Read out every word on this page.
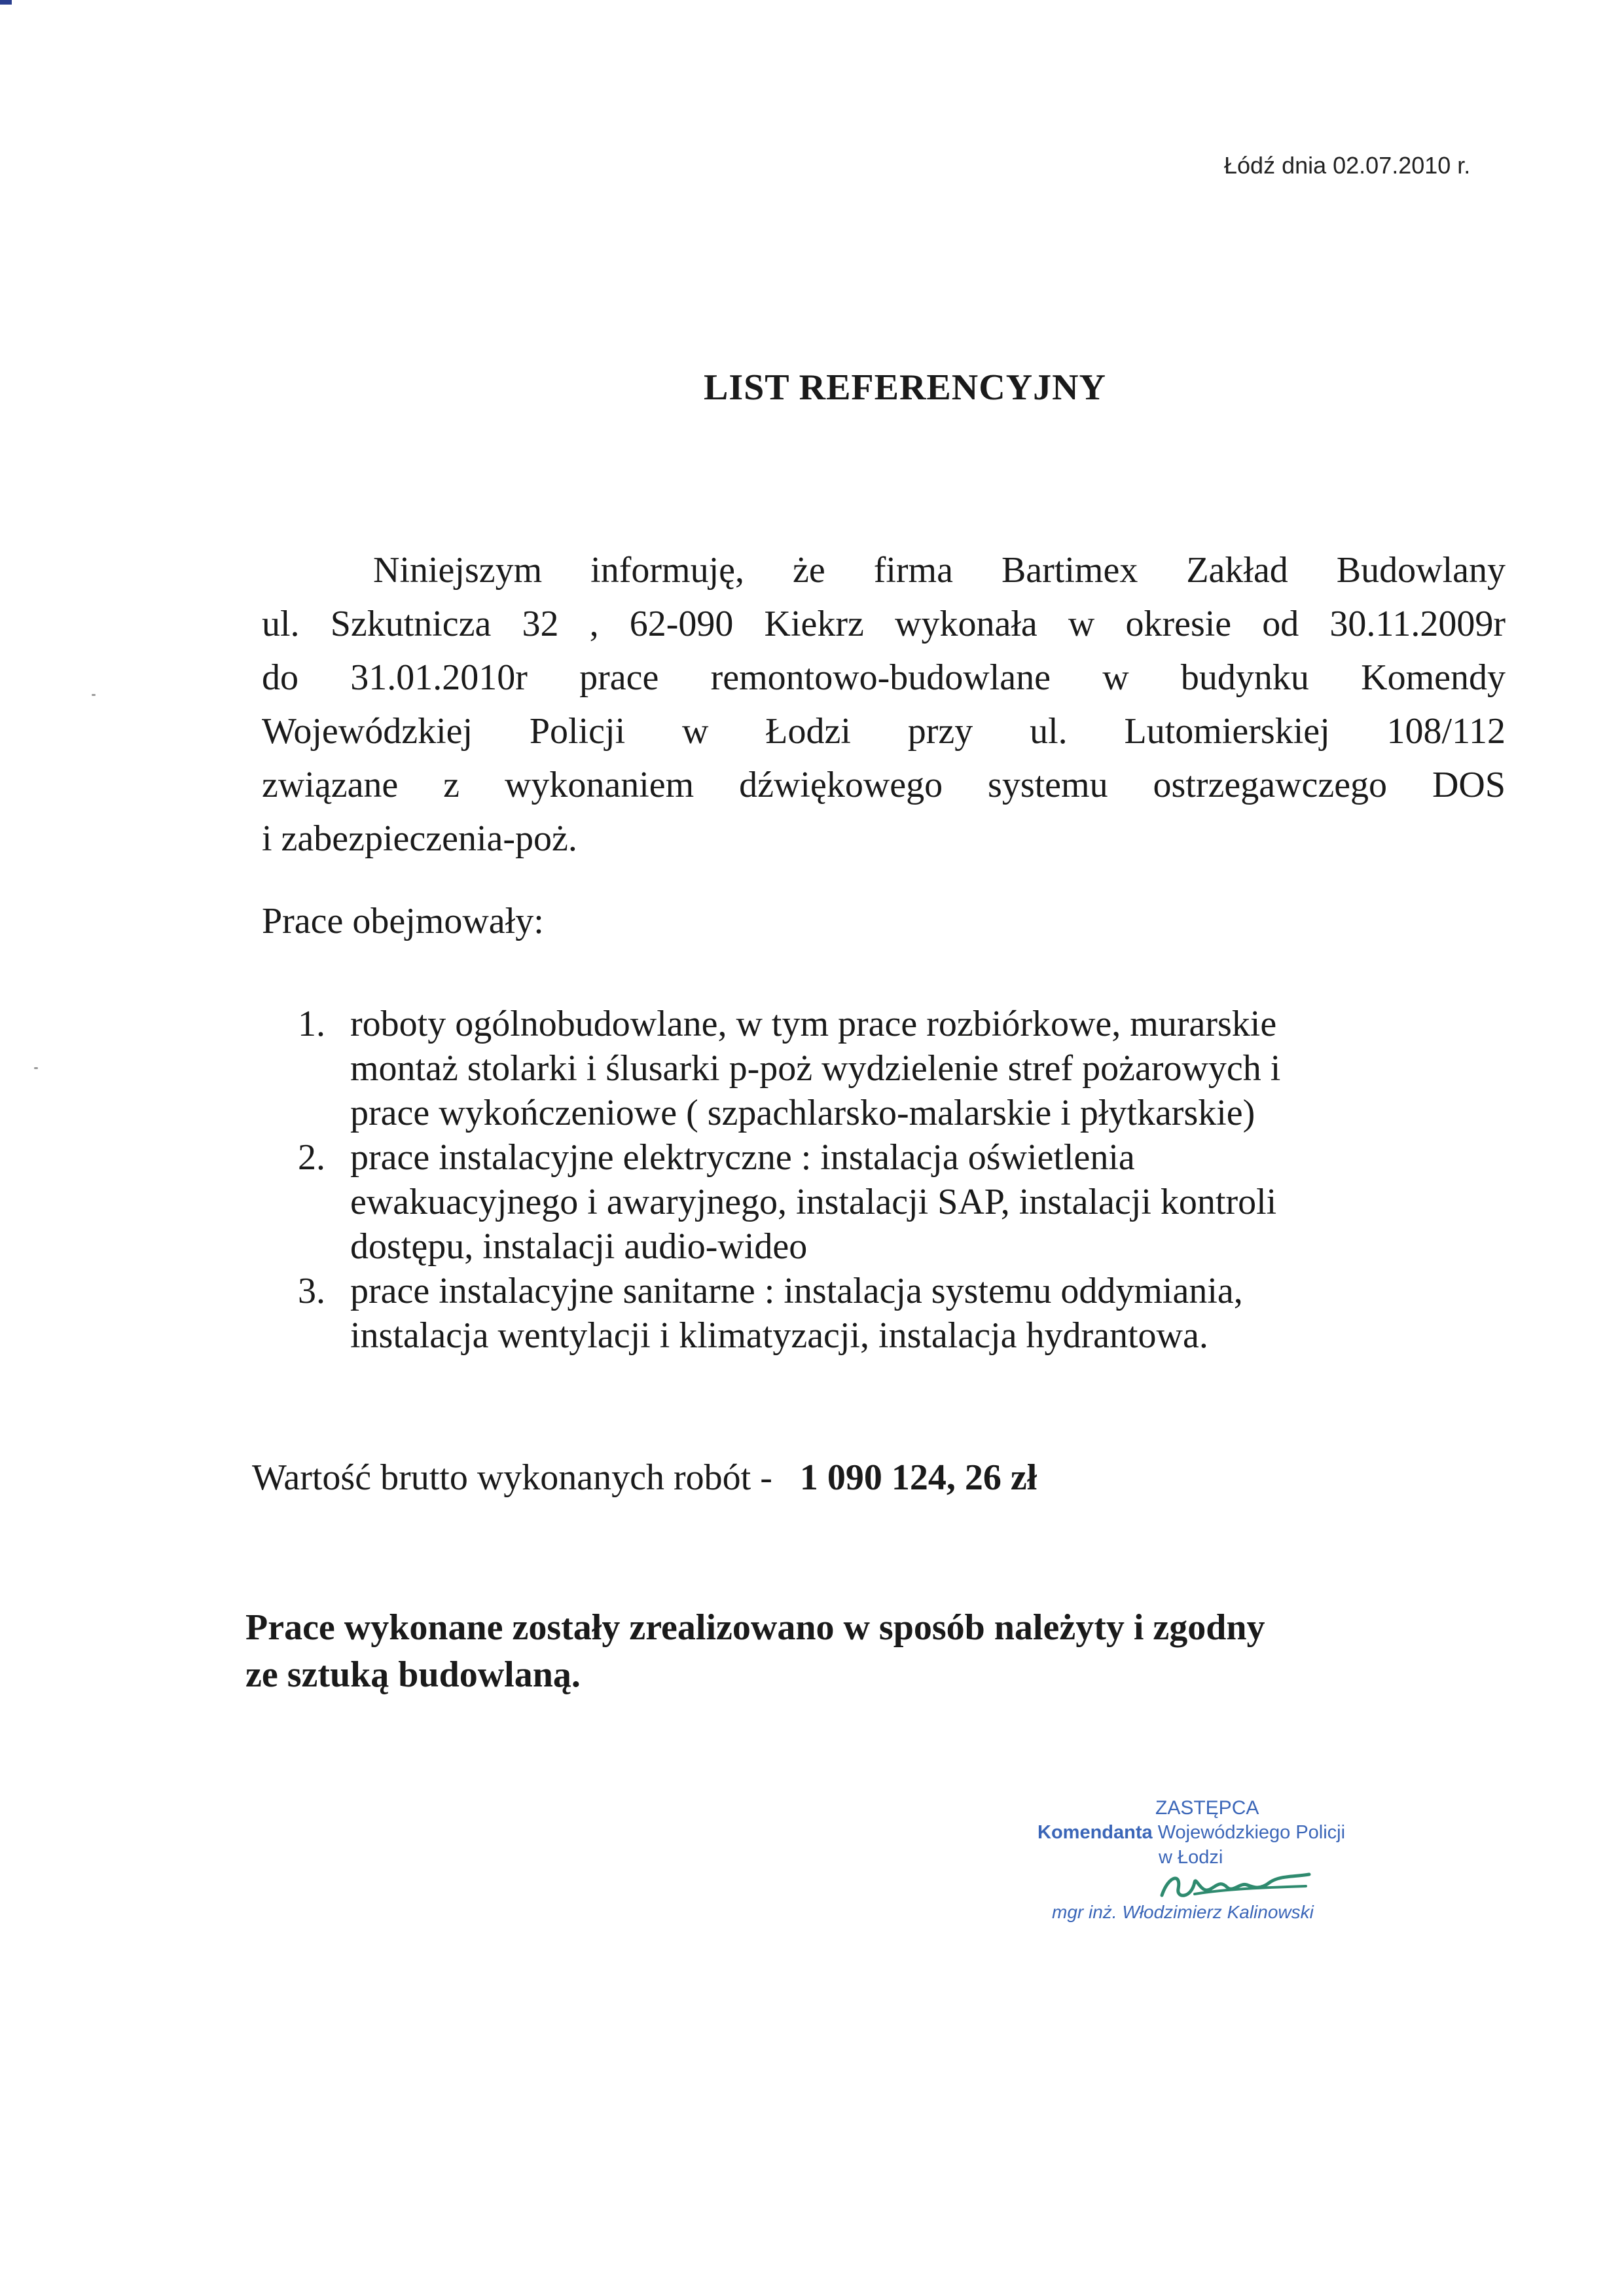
Łódź dnia 02.07.2010 r.
LIST REFERENCYJNY
Niniejszym informuję, że firma Bartimex Zakład Budowlany
ul. Szkutnicza 32 , 62-090 Kiekrz wykonała w okresie od 30.11.2009r
do 31.01.2010r prace remontowo-budowlane w budynku Komendy
Wojewódzkiej Policji w Łodzi przy ul. Lutomierskiej 108/112
związane z wykonaniem dźwiękowego systemu ostrzegawczego DOS
i zabezpieczenia-poż.
Prace obejmowały:
1. roboty ogólnobudowlane, w tym prace rozbiórkowe, murarskie
montaż stolarki i ślusarki p-poż wydzielenie stref pożarowych i
prace wykończeniowe ( szpachlarsko-malarskie i płytkarskie)
2. prace instalacyjne elektryczne : instalacja oświetlenia
ewakuacyjnego i awaryjnego, instalacji SAP, instalacji kontroli
dostępu, instalacji audio-wideo
3. prace instalacyjne sanitarne : instalacja systemu oddymiania,
instalacja wentylacji i klimatyzacji, instalacja hydrantowa.
Wartość brutto wykonanych robót - 1 090 124, 26 zł
Prace wykonane zostały zrealizowano w sposób należyty i zgodny
ze sztuką budowlaną.
ZASTĘPCA
Komendanta Wojewódzkiego Policji
w Łodzi
mgr inż. Włodzimierz Kalinowski
